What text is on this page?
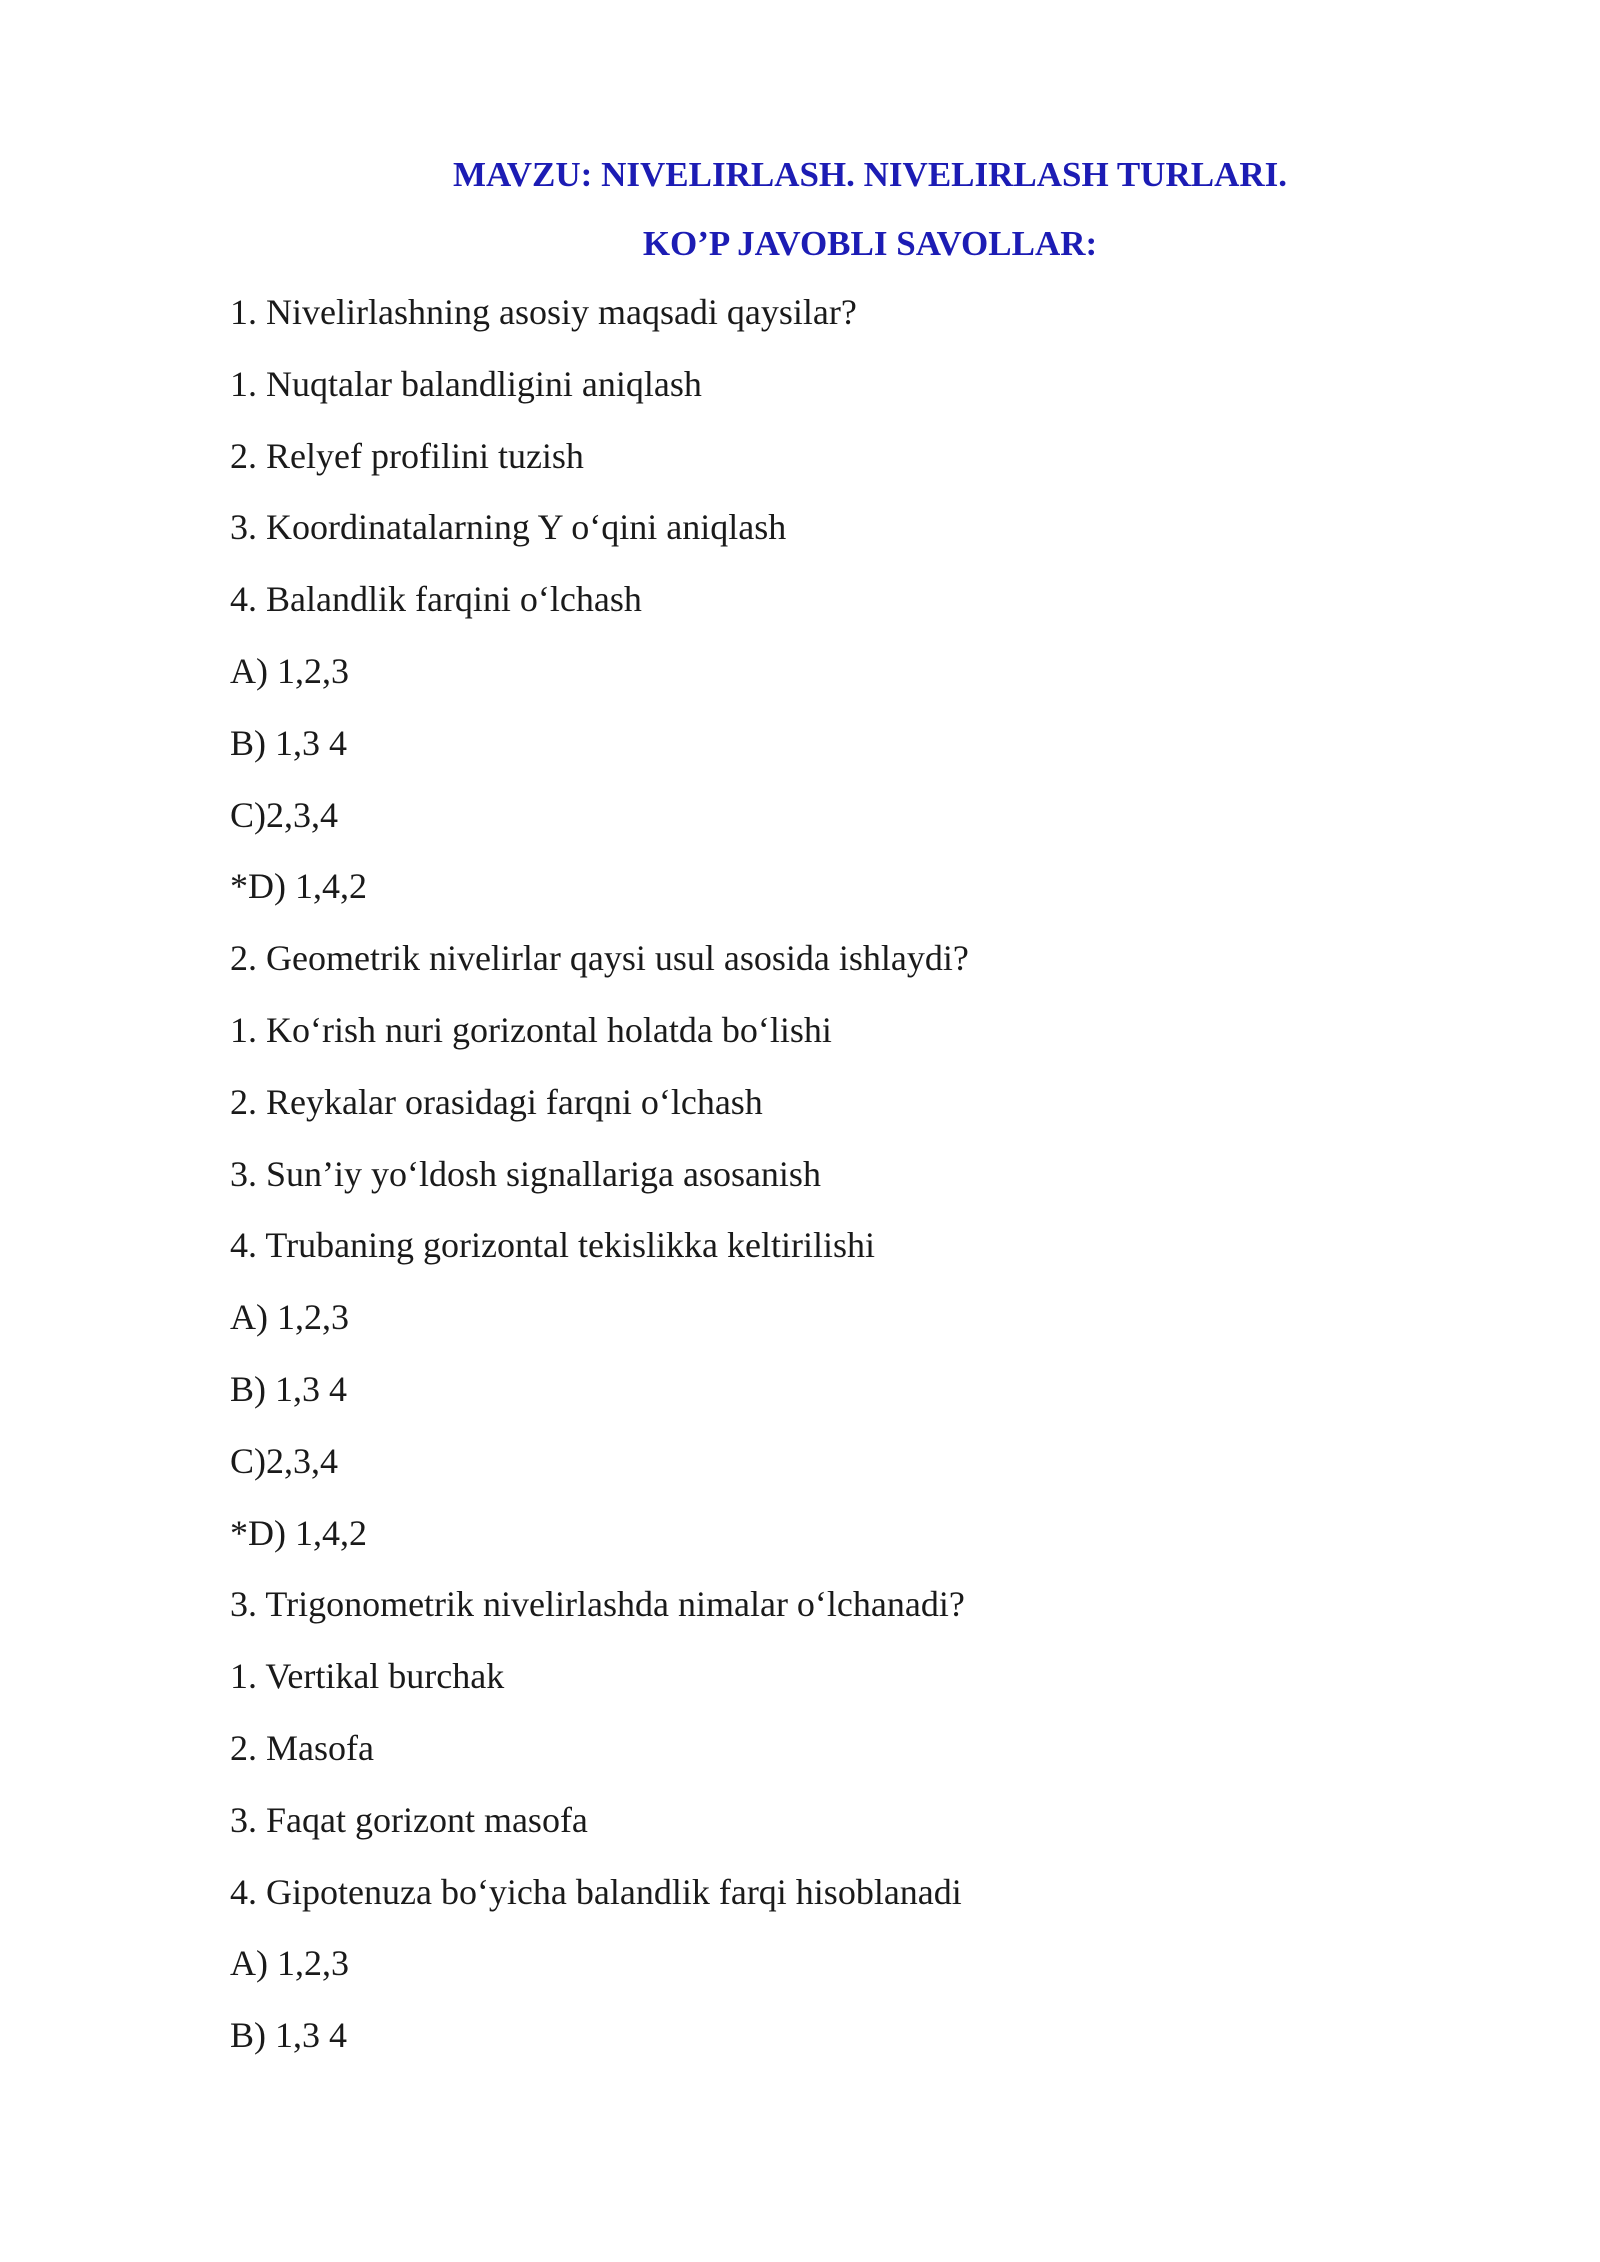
MAVZU: NIVELIRLASH. NIVELIRLASH TURLARI.
KO’P JAVOBLI SAVOLLAR:
1. Nivelirlashning asosiy maqsadi qaysilar?
1. Nuqtalar balandligini aniqlash
2. Relyef profilini tuzish
3. Koordinatalarning Y o‘qini aniqlash
4. Balandlik farqini o‘lchash
A) 1,2,3
B) 1,3 4
C)2,3,4
*D) 1,4,2
2. Geometrik nivelirlar qaysi usul asosida ishlaydi?
1. Ko‘rish nuri gorizontal holatda bo‘lishi
2. Reykalar orasidagi farqni o‘lchash
3. Sun’iy yo‘ldosh signallariga asosanish
4. Trubaning gorizontal tekislikka keltirilishi
A) 1,2,3
B) 1,3 4
C)2,3,4
*D) 1,4,2
3. Trigonometrik nivelirlashda nimalar o‘lchanadi?
1. Vertikal burchak
2. Masofa
3. Faqat gorizont masofa
4. Gipotenuza bo‘yicha balandlik farqi hisoblanadi
A) 1,2,3
B) 1,3 4
